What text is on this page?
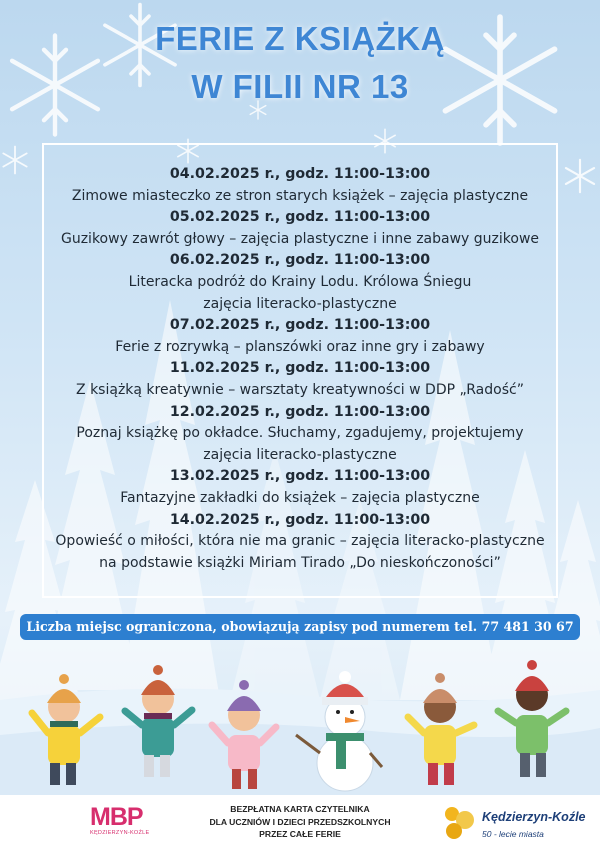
FERIE Z KSIĄŻKĄ
W FILII NR 13
04.02.2025 r., godz. 11:00-13:00
Zimowe miasteczko ze stron starych książek – zajęcia plastyczne
05.02.2025 r., godz. 11:00-13:00
Guzikowy zawrót głowy – zajęcia plastyczne i inne zabawy guzikowe
06.02.2025 r., godz. 11:00-13:00
Literacka podróż do Krainy Lodu. Królowa Śniegu
zajęcia literacko-plastyczne
07.02.2025 r., godz. 11:00-13:00
Ferie z rozrywką – planszówki oraz inne gry i zabawy
11.02.2025 r., godz. 11:00-13:00
Z książką kreatywnie – warsztaty kreatywności w DDP „Radość”
12.02.2025 r., godz. 11:00-13:00
Poznaj książkę po okładce. Słuchamy, zgadujemy, projektujemy
zajęcia literacko-plastyczne
13.02.2025 r., godz. 11:00-13:00
Fantazyjne zakładki do książek – zajęcia plastyczne
14.02.2025 r., godz. 11:00-13:00
Opowieść o miłości, która nie ma granic – zajęcia literacko-plastyczne
na podstawie książki Miriam Tirado „Do nieskończoności”
Liczba miejsc ograniczona, obowiązują zapisy pod numerem tel. 77 481 30 67
MBP
KĘDZIERZYN-KOŹLE
BEZPŁATNA KARTA CZYTELNIKA
DLA UCZNIÓW I DZIECI PRZEDSZKOLNYCH
PRZEZ CAŁE FERIE
Kędzierzyn-Koźle
50 - lecie miasta
